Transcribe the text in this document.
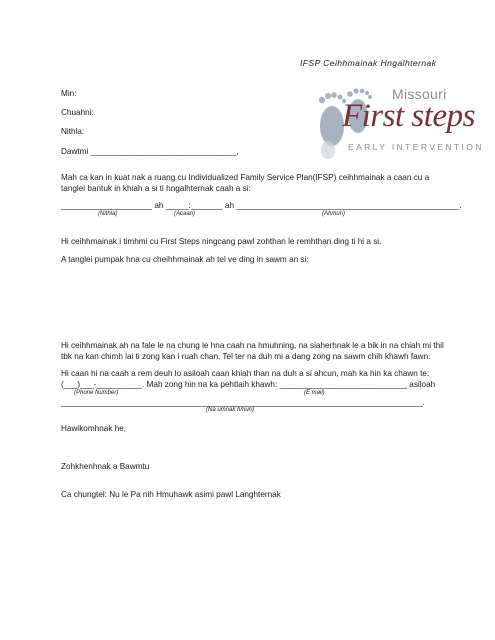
IFSP Ceihhmainak Hngalhternak
Min:
Chuahni:
Nithla:
Dawtmi ________________________________,
Missouri
First steps
EARLY INTERVENTION
Mah ca kan in kuat nak a ruang cu Individualized Family Service Plan(IFSP) ceihhmainak a caan cu a
tanglei bantuk in khiah a si ti hngalhternak caah a si:
____________________ ah _____:_______ ah _________________________________________________.
(Nithla)	(Acaan)	(Ahmun)
Hi ceihhmainak i timhmi cu First Steps ningcang pawl zohthan le remhthan ding ti hi a si.
A tanglei pumpak hna cu cheihhmainak ah tel ve ding in sawm an si:
Hi ceihhmainak ah na fale le na chung le hna caah na hmuhning, na siaherhnak le a bik in na chiah mi thil
tbk na kan chimh lai ti zong kan i ruah chan. Tel ter na duh mi a dang zong na sawm chih khawh fawn.
Hi caan hi na caah a rem deuh lo asiloah caan khiah than na duh a si ahcun, mah ka hin ka chawn te:
(___)___-__________. Mah zong hin na ka pehtlaih khawh: ____________________________ asiloah
(Phone Number)	(E mail)
______________________________________________________________________________________.
(Na umnak hmun)
Hawikomhnak he,
Zohkhenhnak a Bawmtu
Ca chungtel: Nu le Pa nih Hmuhawk asimi pawl Langhternak
